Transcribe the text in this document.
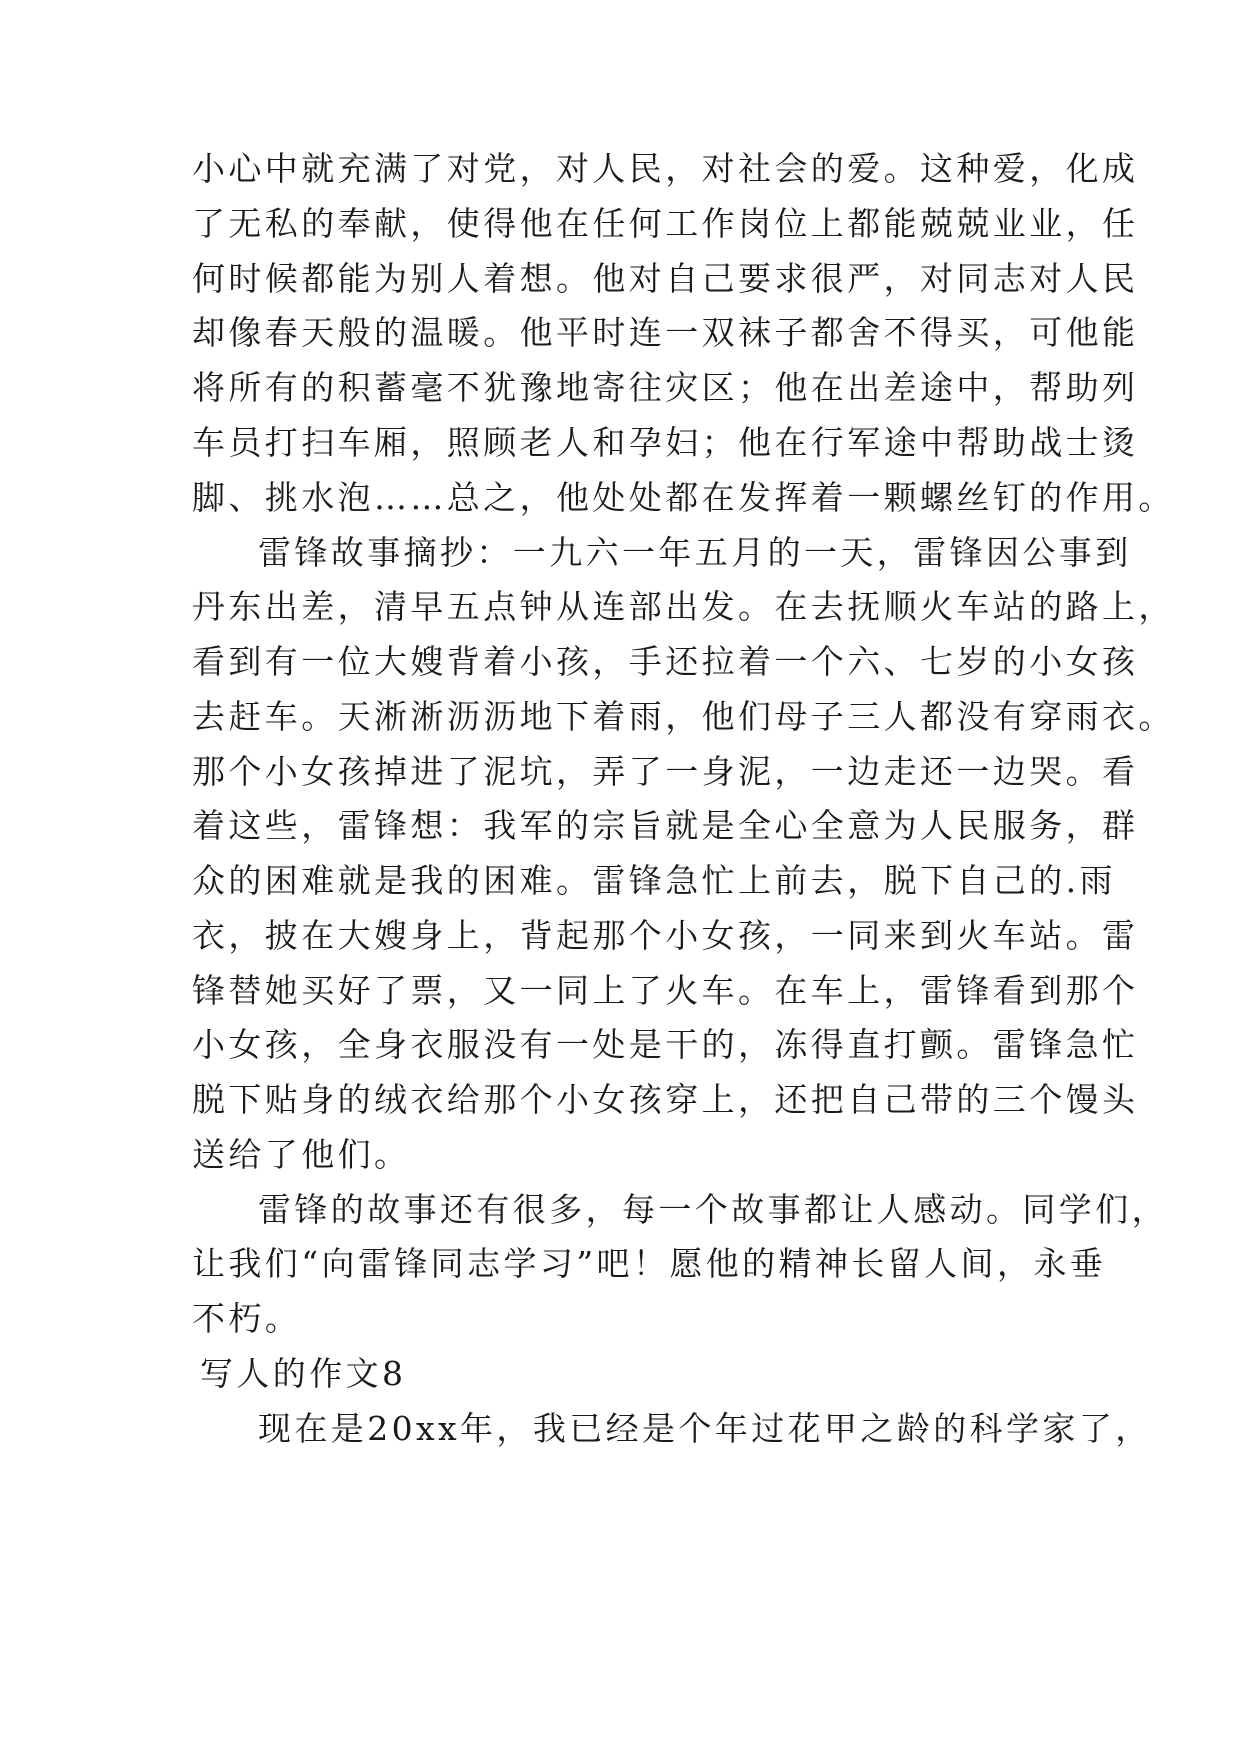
小心中就充满了对党，对人民，对社会的爱。这种爱，化成
了无私的奉献，使得他在任何工作岗位上都能兢兢业业，任
何时候都能为别人着想。他对自己要求很严，对同志对人民
却像春天般的温暖。他平时连一双袜子都舍不得买，可他能
将所有的积蓄毫不犹豫地寄往灾区；他在出差途中，帮助列
车员打扫车厢，照顾老人和孕妇；他在行军途中帮助战士烫
脚、挑水泡……总之，他处处都在发挥着一颗螺丝钉的作用。
雷锋故事摘抄：一九六一年五月的一天，雷锋因公事到
丹东出差，清早五点钟从连部出发。在去抚顺火车站的路上，
看到有一位大嫂背着小孩，手还拉着一个六、七岁的小女孩
去赶车。天淅淅沥沥地下着雨，他们母子三人都没有穿雨衣。
那个小女孩掉进了泥坑，弄了一身泥，一边走还一边哭。看
着这些，雷锋想：我军的宗旨就是全心全意为人民服务，群
众的困难就是我的困难。雷锋急忙上前去，脱下自己的.雨
衣，披在大嫂身上，背起那个小女孩，一同来到火车站。雷
锋替她买好了票，又一同上了火车。在车上，雷锋看到那个
小女孩，全身衣服没有一处是干的，冻得直打颤。雷锋急忙
脱下贴身的绒衣给那个小女孩穿上，还把自己带的三个馒头
送给了他们。
雷锋的故事还有很多，每一个故事都让人感动。同学们，
让我们“向雷锋同志学习”吧！愿他的精神长留人间，永垂
不朽。
写人的作文8
现在是20xx年，我已经是个年过花甲之龄的科学家了，
